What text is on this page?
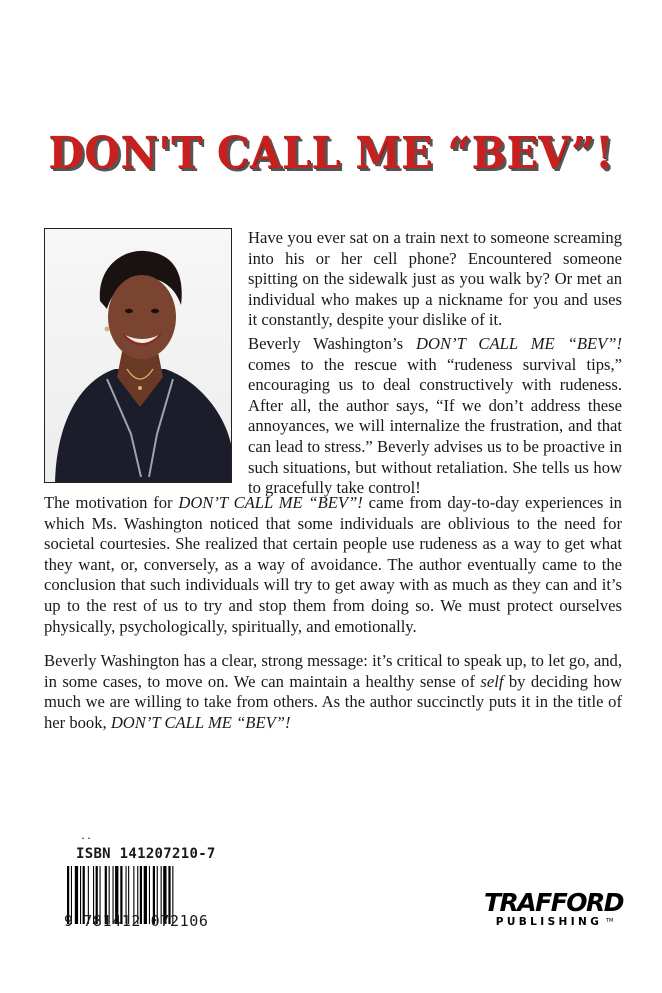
DON'T CALL ME “BEV”!

Have you ever sat on a train next to someone screaming into his or her cell phone? Encountered someone spitting on the sidewalk just as you walk by? Or met an individual who makes up a nickname for you and uses it constantly, despite your dislike of it.

Beverly Washington’s DON’T CALL ME “BEV”! comes to the rescue with “rudeness survival tips,” encouraging us to deal constructively with rudeness. After all, the author says, “If we don’t address these annoyances, we will internalize the frustration, and that can lead to stress.” Beverly advises us to be proactive in such situations, but without retaliation. She tells us how to gracefully take control!

The motivation for DON’T CALL ME “BEV”! came from day-to-day experiences in which Ms. Washington noticed that some individuals are oblivious to the need for societal courtesies. She realized that certain people use rudeness as a way to get what they want, or, conversely, as a way of avoidance. The author eventually came to the conclusion that such individuals will try to get away with as much as they can and it’s up to the rest of us to try and stop them from doing so. We must protect ourselves physically, psychologically, spiritually, and emotionally.

Beverly Washington has a clear, strong message: it’s critical to speak up, to let go, and, in some cases, to move on. We can maintain a healthy sense of self by deciding how much we are willing to take from others. As the author succinctly puts it in the title of her book, DON’T CALL ME “BEV”!

..
ISBN 141207210-7
9 781412 072106
TRAFFORD
PUBLISHING TM
